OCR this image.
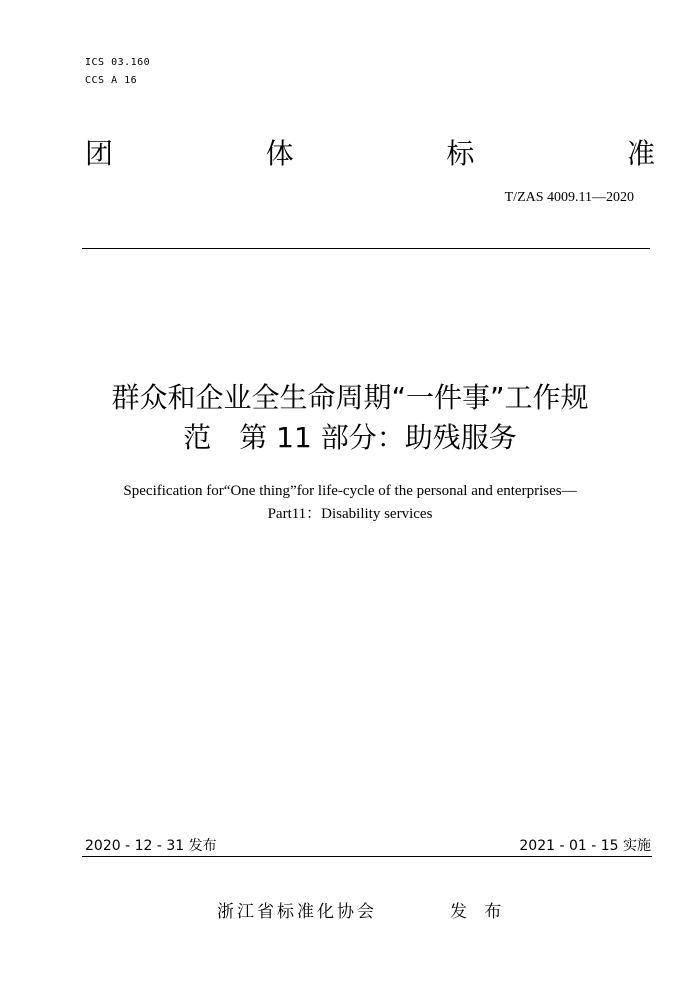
ICS 03.160
CCS A 16
团	体	标	准
T/ZAS 4009.11—2020
群众和企业全生命周期“一件事”工作规
范　第 11 部分：助残服务
Specification for“One thing”for life-cycle of the personal and enterprises—
Part11：Disability services
2020 - 12 - 31 发布	2021 - 01 - 15 实施
浙江省标准化协会	发 布
